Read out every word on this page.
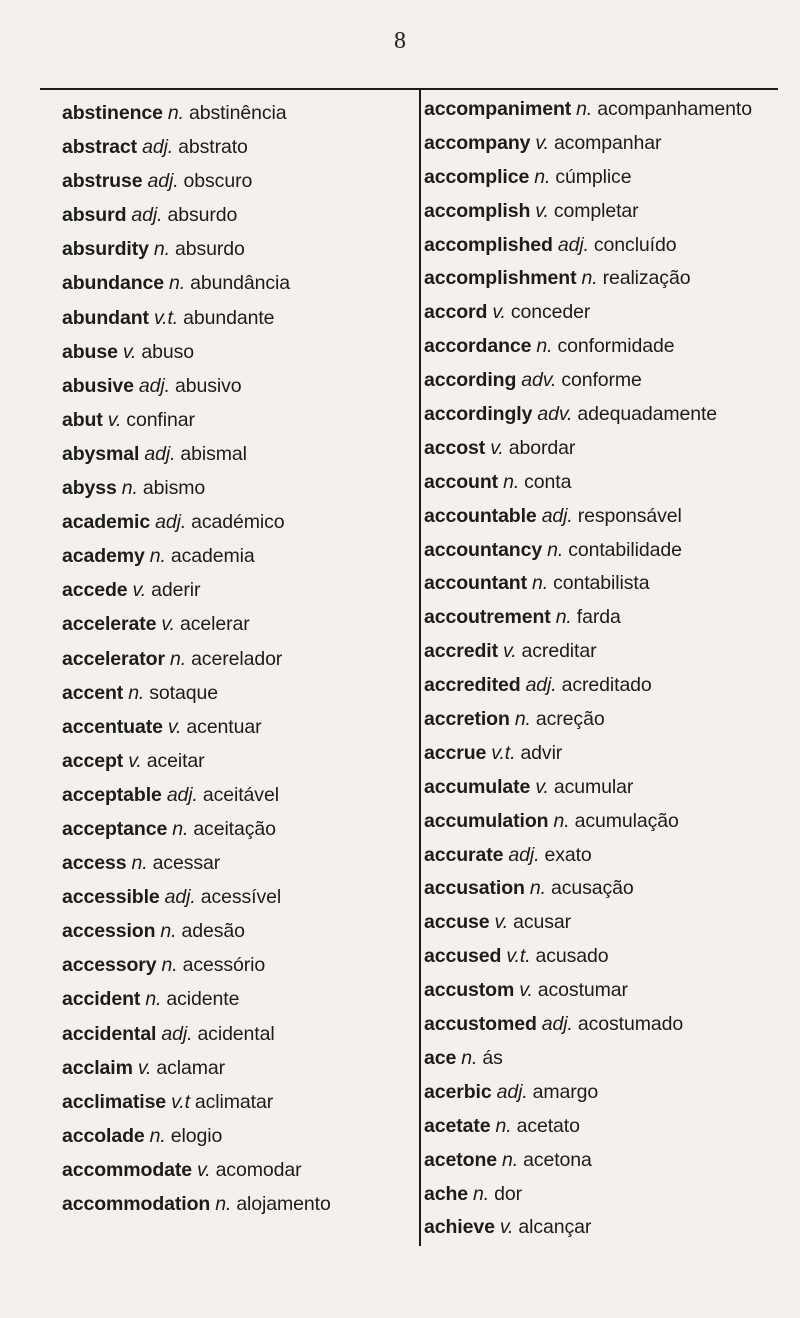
8
abstinence n. abstinência
abstract adj. abstrato
abstruse adj. obscuro
absurd adj. absurdo
absurdity n. absurdo
abundance n. abundância
abundant v.t. abundante
abuse v. abuso
abusive adj. abusivo
abut v. confinar
abysmal adj. abismal
abyss n. abismo
academic adj. académico
academy n. academia
accede v. aderir
accelerate v. acelerar
accelerator n. acerelador
accent n. sotaque
accentuate v. acentuar
accept v. aceitar
acceptable adj. aceitável
acceptance n. aceitação
access n. acessar
accessible adj. acessível
accession n. adesão
accessory n. acessório
accident n. acidente
accidental adj. acidental
acclaim v. aclamar
acclimatise v.t aclimatar
accolade n. elogio
accommodate v. acomodar
accommodation n. alojamento
accompaniment n. acompanhamento
accompany v. acompanhar
accomplice n. cúmplice
accomplish v. completar
accomplished adj. concluído
accomplishment n. realização
accord v. conceder
accordance n. conformidade
according adv. conforme
accordingly adv. adequadamente
accost v. abordar
account n. conta
accountable adj. responsável
accountancy n. contabilidade
accountant n. contabilista
accoutrement n. farda
accredit v. acreditar
accredited adj. acreditado
accretion n. acreção
accrue v.t. advir
accumulate v. acumular
accumulation n. acumulação
accurate adj. exato
accusation n. acusação
accuse v. acusar
accused v.t. acusado
accustom v. acostumar
accustomed adj. acostumado
ace n. ás
acerbic adj. amargo
acetate n. acetato
acetone n. acetona
ache n. dor
achieve v. alcançar
